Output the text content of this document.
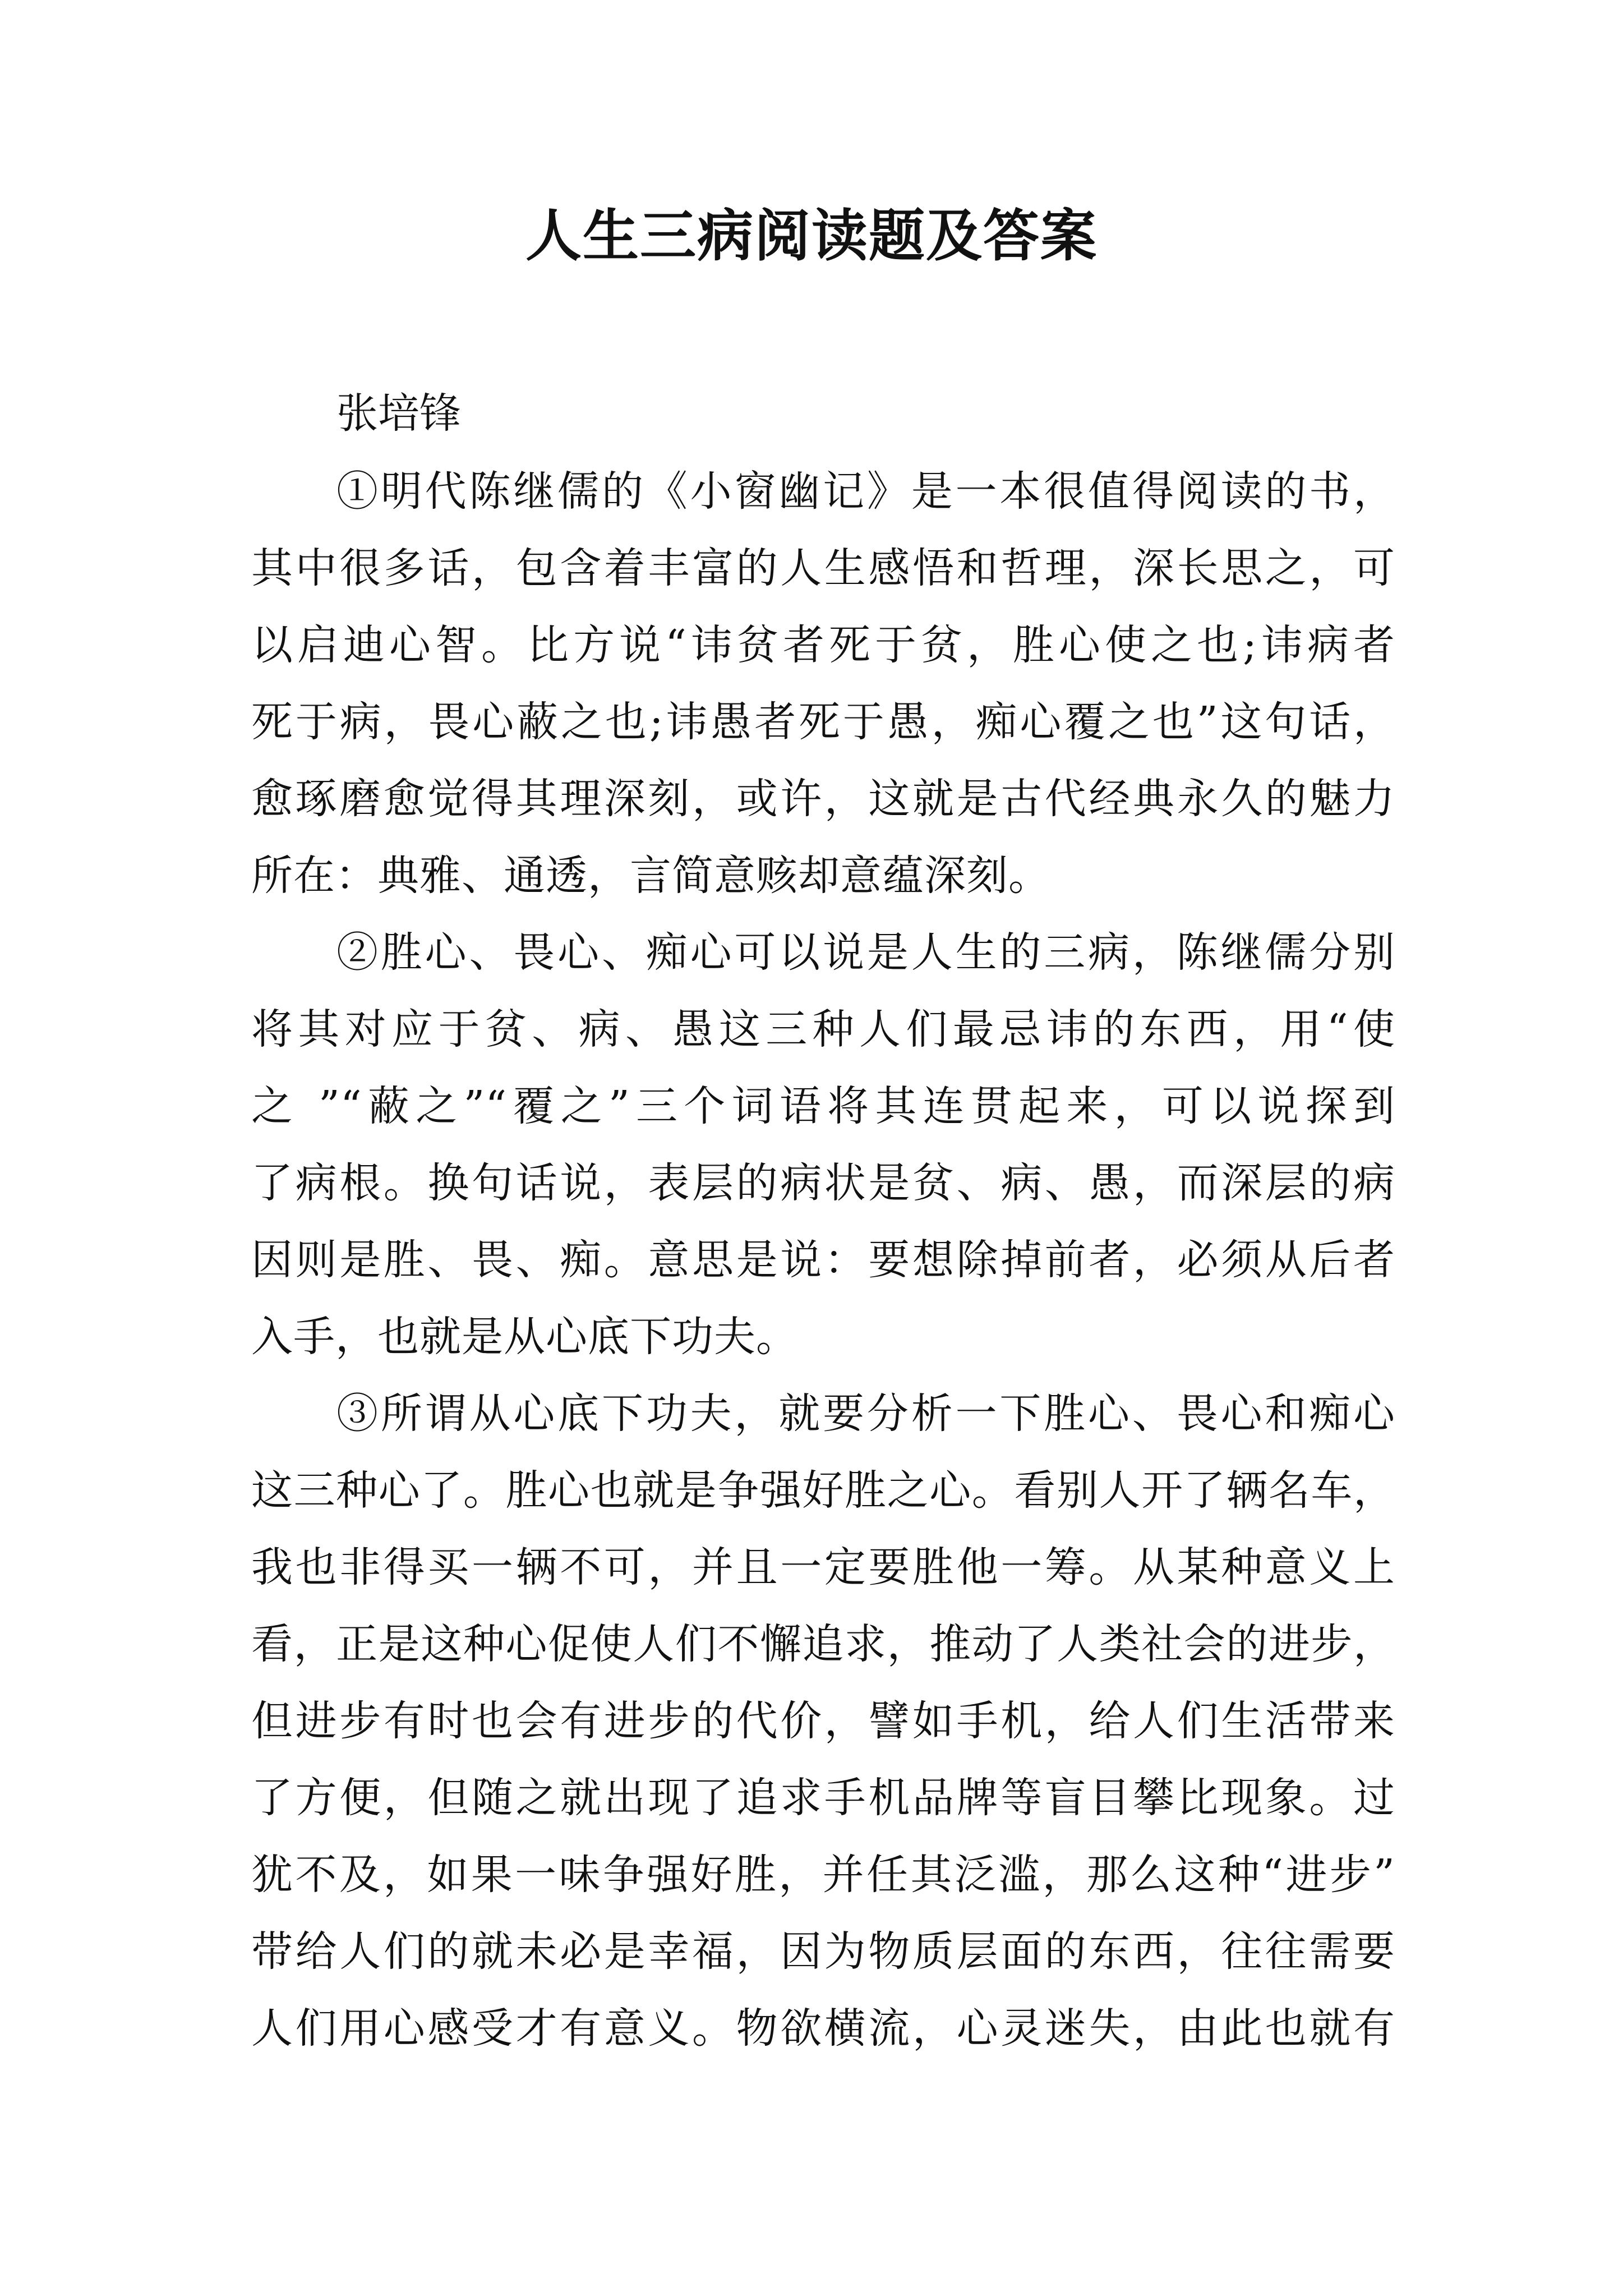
人生三病阅读题及答案

张培锋

①明代陈继儒的《小窗幽记》是一本很值得阅读的书，
其中很多话，包含着丰富的人生感悟和哲理，深长思之，可
以启迪心智。比方说“讳贫者死于贫，胜心使之也;讳病者
死于病，畏心蔽之也;讳愚者死于愚，痴心覆之也”这句话，
愈琢磨愈觉得其理深刻，或许，这就是古代经典永久的魅力
所在：典雅、通透，言简意赅却意蕴深刻。
②胜心、畏心、痴心可以说是人生的三病，陈继儒分别
将其对应于贫、病、愚这三种人们最忌讳的东西，用“使
之 ”“蔽之”“覆之”三个词语将其连贯起来，可以说探到
了病根。换句话说，表层的病状是贫、病、愚，而深层的病
因则是胜、畏、痴。意思是说：要想除掉前者，必须从后者
入手，也就是从心底下功夫。
③所谓从心底下功夫，就要分析一下胜心、畏心和痴心
这三种心了。胜心也就是争强好胜之心。看别人开了辆名车，
我也非得买一辆不可，并且一定要胜他一筹。从某种意义上
看，正是这种心促使人们不懈追求，推动了人类社会的进步，
但进步有时也会有进步的代价，譬如手机，给人们生活带来
了方便，但随之就出现了追求手机品牌等盲目攀比现象。过
犹不及，如果一味争强好胜，并任其泛滥，那么这种“进步”
带给人们的就未必是幸福，因为物质层面的东西，往往需要
人们用心感受才有意义。物欲横流，心灵迷失，由此也就有
